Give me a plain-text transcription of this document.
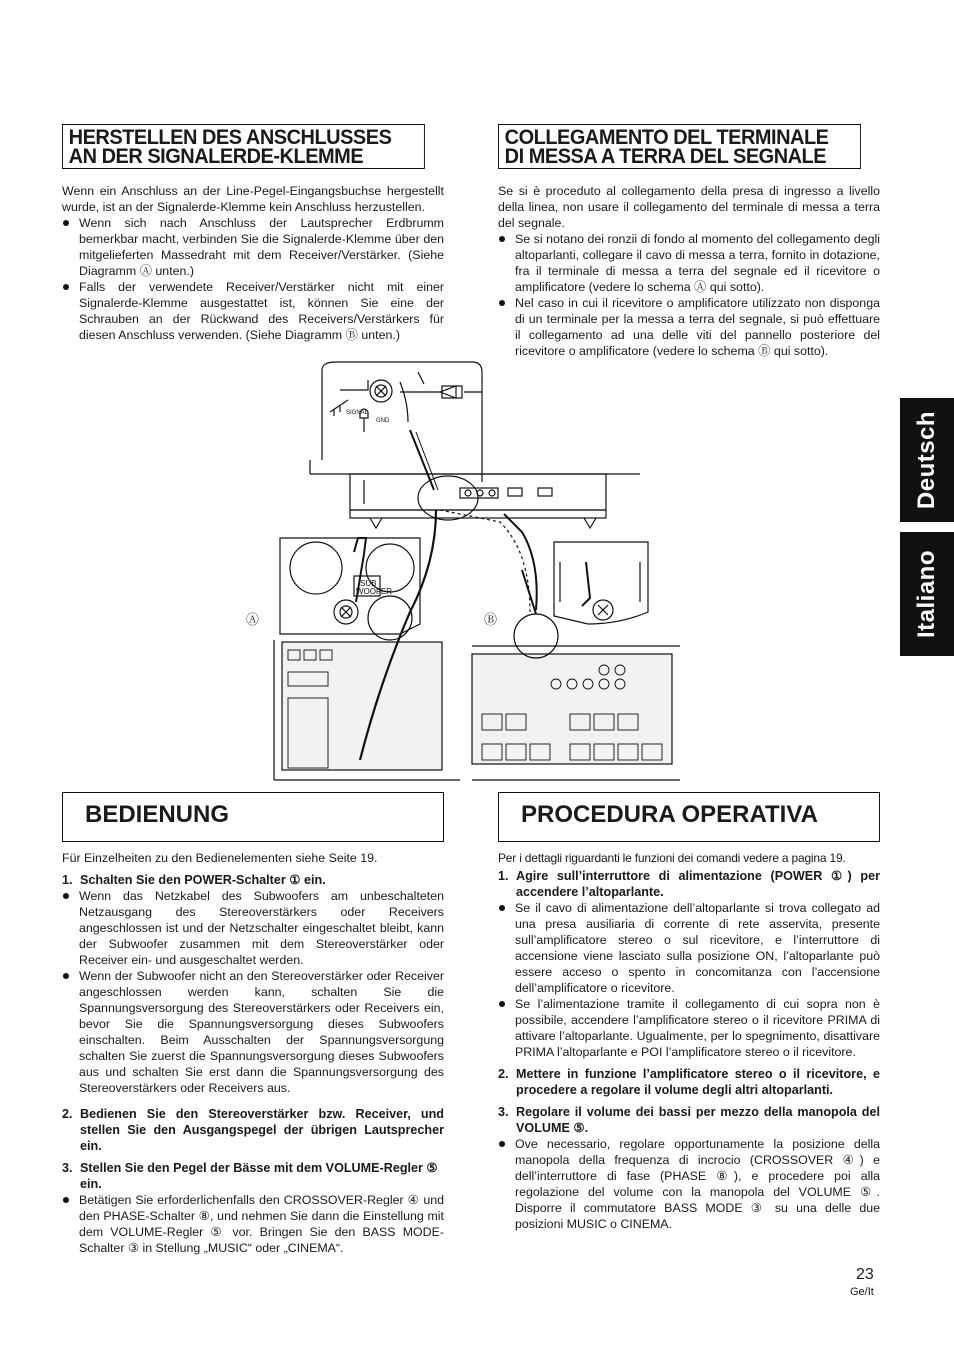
HERSTELLEN DES ANSCHLUSSES
AN DER SIGNALERDE-KLEMME

Wenn ein Anschluss an der Line-Pegel-Eingangsbuchse hergestellt wurde, ist an der Signalerde-Klemme kein Anschluss herzustellen.

Wenn sich nach Anschluss der Lautsprecher Erdbrumm bemerkbar macht, verbinden Sie die Signalerde-Klemme über den mitgelieferten Massedraht mit dem Receiver/Verstärker. (Siehe Diagramm Ⓐ unten.)
Falls der verwendete Receiver/Verstärker nicht mit einer Signalerde-Klemme ausgestattet ist, können Sie eine der Schrauben an der Rückwand des Receivers/Verstärkers für diesen Anschluss verwenden. (Siehe Diagramm Ⓑ unten.)
COLLEGAMENTO DEL TERMINALE
DI MESSA A TERRA DEL SEGNALE

Se si è proceduto al collegamento della presa di ingresso a livello della linea, non usare il collegamento del terminale di messa a terra del segnale.

Se si notano dei ronzii di fondo al momento del collegamento degli altoparlanti, collegare il cavo di messa a terra, fornito in dotazione, fra il terminale di messa a terra del segnale ed il ricevitore o amplificatore (vedere lo schema Ⓐ qui sotto).
Nel caso in cui il ricevitore o amplificatore utilizzato non disponga di un terminale per la messa a terra del segnale, si può effettuare il collegamento ad una delle viti del pannello posteriore del ricevitore o amplificatore (vedere lo schema Ⓑ qui sotto).
SIGNAL
GND
SUB
WOOFER
Ⓐ	Ⓑ
BEDIENUNG

Für Einzelheiten zu den Bedienelementen siehe Seite 19.

1. Schalten Sie den POWER-Schalter ① ein.
Wenn das Netzkabel des Subwoofers am unbeschalteten Netzausgang des Stereoverstärkers oder Receivers angeschlossen ist und der Netzschalter eingeschaltet bleibt, kann der Subwoofer zusammen mit dem Stereoverstärker oder Receiver ein- und ausgeschaltet werden.
Wenn der Subwoofer nicht an den Stereoverstärker oder Receiver angeschlossen werden kann, schalten Sie die Spannungsversorgung des Stereoverstärkers oder Receivers ein, bevor Sie die Spannungsversorgung dieses Subwoofers einschalten. Beim Ausschalten der Spannungsversorgung schalten Sie zuerst die Spannungsversorgung dieses Subwoofers aus und schalten Sie erst dann die Spannungsversorgung des Stereoverstärkers oder Receivers aus.
2. Bedienen Sie den Stereoverstärker bzw. Receiver, und stellen Sie den Ausgangspegel der übrigen Lautsprecher ein.
3. Stellen Sie den Pegel der Bässe mit dem VOLUME-Regler ⑤ ein.
Betätigen Sie erforderlichenfalls den CROSSOVER-Regler ④ und den PHASE-Schalter ⑧, und nehmen Sie dann die Einstellung mit dem VOLUME-Regler ⑤ vor. Bringen Sie den BASS MODE-Schalter ③ in Stellung „MUSIC“ oder „CINEMA“.
PROCEDURA OPERATIVA

Per i dettagli riguardanti le funzioni dei comandi vedere a pagina 19.

1. Agire sull’interruttore di alimentazione (POWER ①) per accendere l’altoparlante.
Se il cavo di alimentazione dell’altoparlante si trova collegato ad una presa ausiliaria di corrente di rete asservita, presente sull’amplificatore stereo o sul ricevitore, e l’interruttore di accensione viene lasciato sulla posizione ON, l’altoparlante può essere acceso o spento in concomitanza con l’accensione dell’amplificatore o ricevitore.
Se l’alimentazione tramite il collegamento di cui sopra non è possibile, accendere l’amplificatore stereo o il ricevitore PRIMA di attivare l’altoparlante. Ugualmente, per lo spegnimento, disattivare PRIMA l’altoparlante e POI l’amplificatore stereo o il ricevitore.
2. Mettere in funzione l’amplificatore stereo o il ricevitore, e procedere a regolare il volume degli altri altoparlanti.
3. Regolare il volume dei bassi per mezzo della manopola del VOLUME ⑤.
Ove necessario, regolare opportunamente la posizione della manopola della frequenza di incrocio (CROSSOVER ④) e dell’interruttore di fase (PHASE ⑧), e procedere poi alla regolazione del volume con la manopola del VOLUME ⑤. Disporre il commutatore BASS MODE ③ su una delle due posizioni MUSIC o CINEMA.
Deutsch
Italiano
23
Ge/It
